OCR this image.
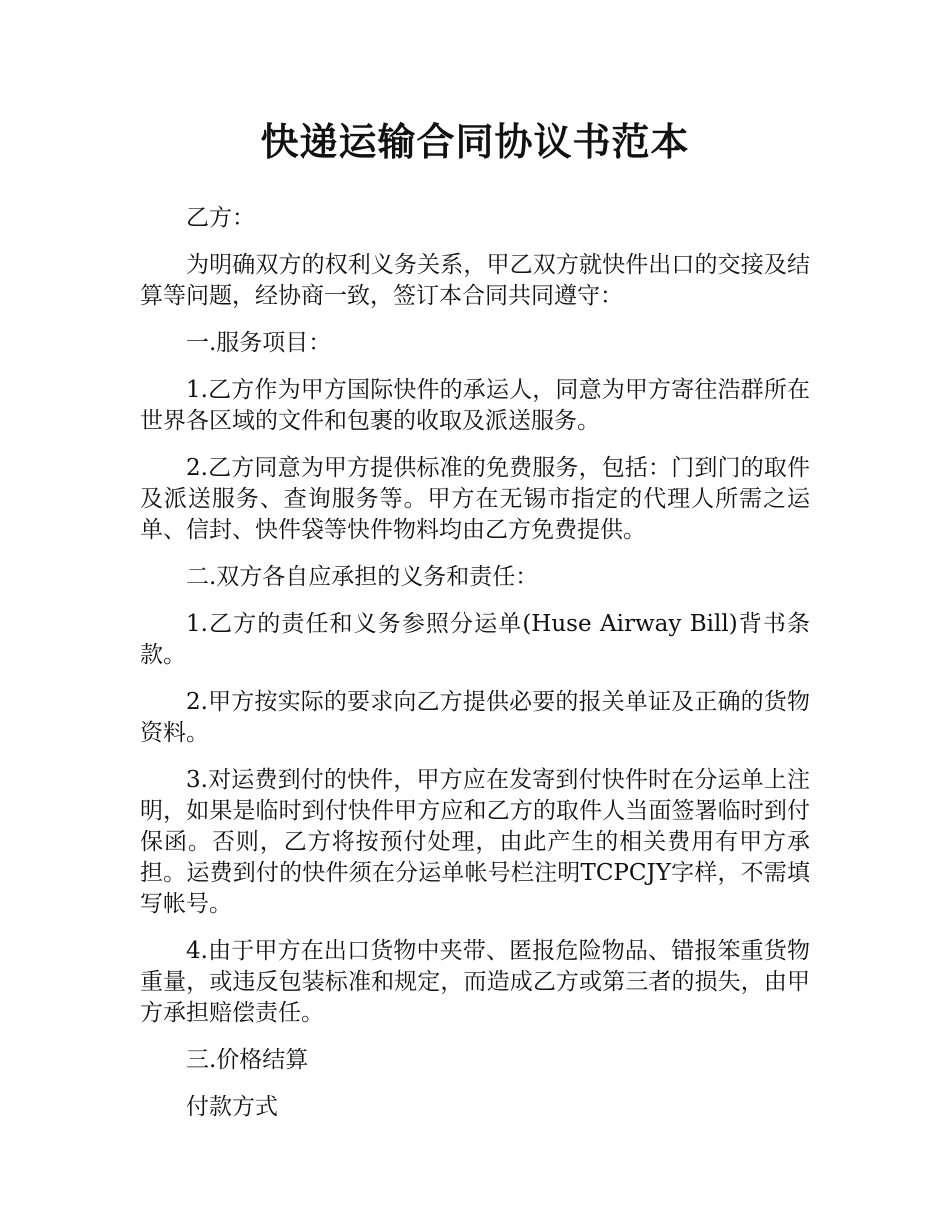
快递运输合同协议书范本

乙方：

为明确双方的权利义务关系，甲乙双方就快件出口的交接及结算等问题，经协商一致，签订本合同共同遵守：

一.服务项目：

1.乙方作为甲方国际快件的承运人，同意为甲方寄往浩群所在世界各区域的文件和包裹的收取及派送服务。

2.乙方同意为甲方提供标准的免费服务，包括：门到门的取件及派送服务、查询服务等。甲方在无锡市指定的代理人所需之运单、信封、快件袋等快件物料均由乙方免费提供。

二.双方各自应承担的义务和责任：

1.乙方的责任和义务参照分运单(Huse Airway Bill)背书条款。

2.甲方按实际的要求向乙方提供必要的报关单证及正确的货物资料。

3.对运费到付的快件，甲方应在发寄到付快件时在分运单上注明，如果是临时到付快件甲方应和乙方的取件人当面签署临时到付保函。否则，乙方将按预付处理，由此产生的相关费用有甲方承担。运费到付的快件须在分运单帐号栏注明TCPCJY字样，不需填写帐号。

4.由于甲方在出口货物中夹带、匿报危险物品、错报笨重货物重量，或违反包装标准和规定，而造成乙方或第三者的损失，由甲方承担赔偿责任。

三.价格结算

付款方式
